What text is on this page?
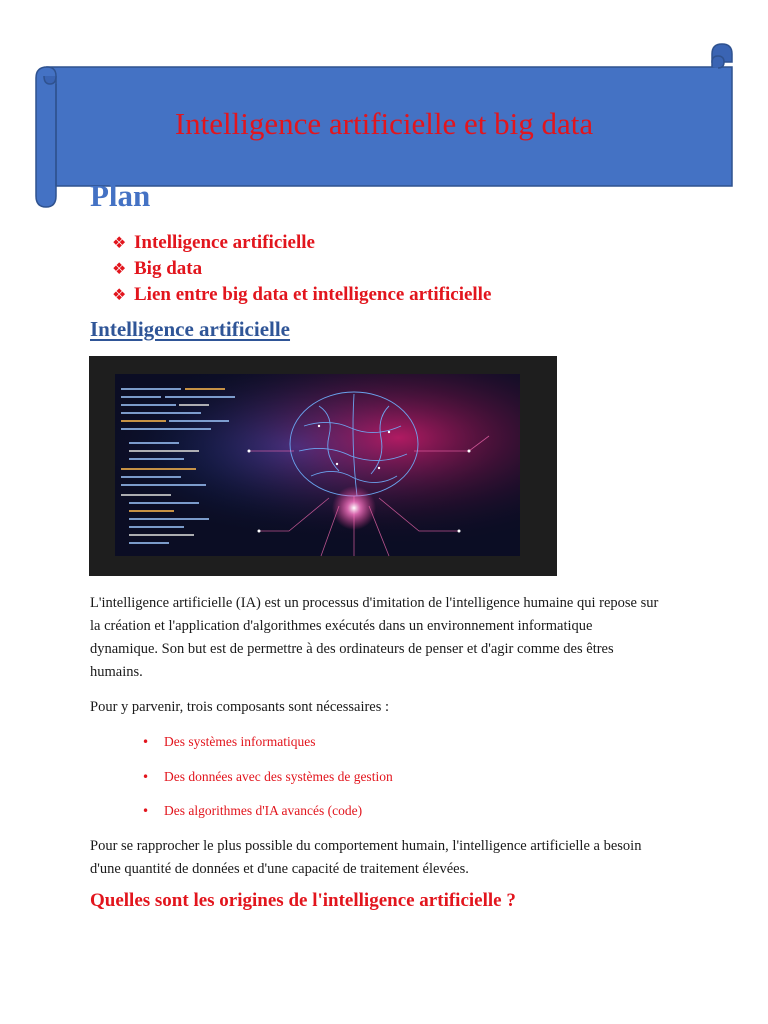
Intelligence artificielle et big data
Plan
❖ Intelligence artificielle
❖ Big data
❖ Lien entre big data et intelligence artificielle
Intelligence artificielle

L'intelligence artificielle (IA) est un processus d'imitation de l'intelligence humaine qui repose sur
la création et l'application d'algorithmes exécutés dans un environnement informatique
dynamique. Son but est de permettre à des ordinateurs de penser et d'agir comme des êtres
humains.

Pour y parvenir, trois composants sont nécessaires :

• Des systèmes informatiques
• Des données avec des systèmes de gestion
• Des algorithmes d'IA avancés (code)

Pour se rapprocher le plus possible du comportement humain, l'intelligence artificielle a besoin
d'une quantité de données et d'une capacité de traitement élevées.

Quelles sont les origines de l'intelligence artificielle ?
